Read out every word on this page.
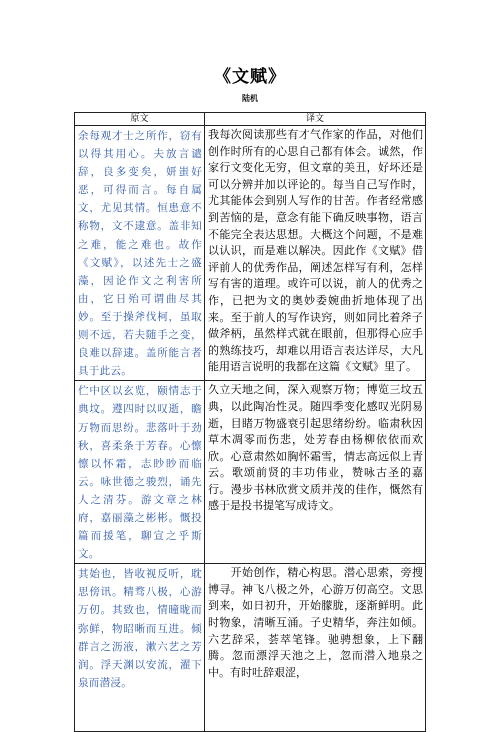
《文赋》
陆机
原文	译文
余每观才士之所作，窃有以得其用心。夫放言谴辞，良多变矣，妍蚩好恶，可得而言。每自属文，尤见其情。恒患意不称物，文不逮意。盖非知之难，能之难也。故作《文赋》，以述先士之盛藻，因论作文之利害所由，它日殆可谓曲尽其妙。至于操斧伐柯，虽取则不远，若夫随手之变，良难以辞逮。盖所能言者具于此云。	我每次阅读那些有才气作家的作品，对他们创作时所有的心思自己都有体会。诚然，作家行文变化无穷，但文章的美丑，好坏还是可以分辨并加以评论的。每当自己写作时，尤其能体会到别人写作的甘苦。作者经常感到苦恼的是，意念有能下确反映事物，语言不能完全表达思想。大概这个问题，不是难以认识，而是难以解决。因此作《文赋》借评前人的优秀作品，阐述怎样写有利，怎样写有害的道理。或许可以说，前人的优秀之作，已把为文的奥妙委婉曲折地体现了出来。至于前人的写作诀窍，则如同比着斧子做斧柄，虽然样式就在眼前，但那得心应手的熟练技巧，却难以用语言表达详尽，大凡能用语言说明的我都在这篇《文赋》里了。
伫中区以玄览，颐情志于典坟。遵四时以叹逝，瞻万物而思纷。悲落叶于劲秋，喜柔条于芳春。心懔懔以怀霜，志眇眇而临云。咏世德之骏烈，诵先人之清芬。游文章之林府，嘉丽藻之彬彬。慨投篇而援笔，聊宣之乎斯文。	久立天地之间，深入观察万物；博览三坟五典，以此陶冶性灵。随四季变化感叹光阴易逝，目睹万物盛衰引起思绪纷纷。临肃秋因草木凋零而伤悲，处芳春由杨柳依依而欢欣。心意肃然如胸怀霜雪，情志高远似上青云。歌颂前贤的丰功伟业，赞咏古圣的嘉行。漫步书林欣赏文质并茂的佳作，慨然有感于是投书提笔写成诗文。
其始也，皆收视反听，耽思傍讯。精骛八极，心游万仞。其致也，情曈昽而弥鲜，物昭晰而互进。倾群言之沥液，漱六艺之芳润。浮天渊以安流，濯下泉而潜浸。	　　开始创作，精心构思。潜心思索，旁搜博寻。神飞八极之外，心游万仞高空。文思到来，如日初升，开始朦胧，逐渐鲜明。此时物象，清晰互涌。子史精华，奔注如倾。六艺辞采，荟萃笔锋。驰骋想象，上下翻腾。忽而漂浮天池之上，忽而潜入地泉之中。有时吐辞艰涩，
